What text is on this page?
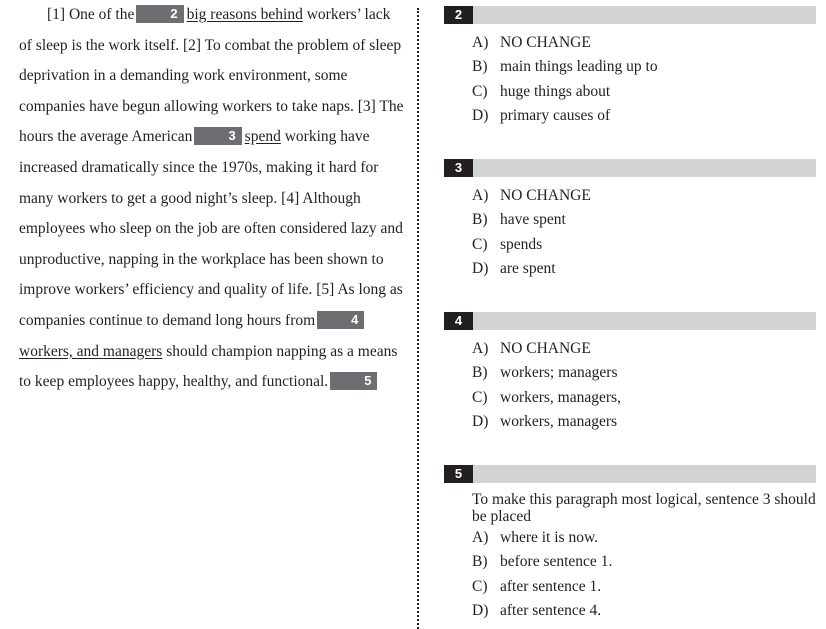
[1] One of the	2 big reasons behind workers’ lack of sleep is the work itself. [2] To combat the problem of sleep deprivation in a demanding work environment, some companies have begun allowing workers to take naps. [3] The hours the average American	3 spend working have increased dramatically since the 1970s, making it hard for many workers to get a good night’s sleep. [4] Although employees who sleep on the job are often considered lazy and unproductive, napping in the workplace has been shown to improve workers’ efficiency and quality of life. [5] As long as companies continue to demand long hours from	4workers, and managers should champion napping as a means to keep employees happy, healthy, and functional.	5

2
A) NO CHANGE
B) main things leading up to
C) huge things about
D) primary causes of
3
A) NO CHANGE
B) have spent
C) spends
D) are spent
4
A) NO CHANGE
B) workers; managers
C) workers, managers,
D) workers, managers
5
To make this paragraph most logical, sentence 3 should be placed
A) where it is now.
B) before sentence 1.
C) after sentence 1.
D) after sentence 4.
